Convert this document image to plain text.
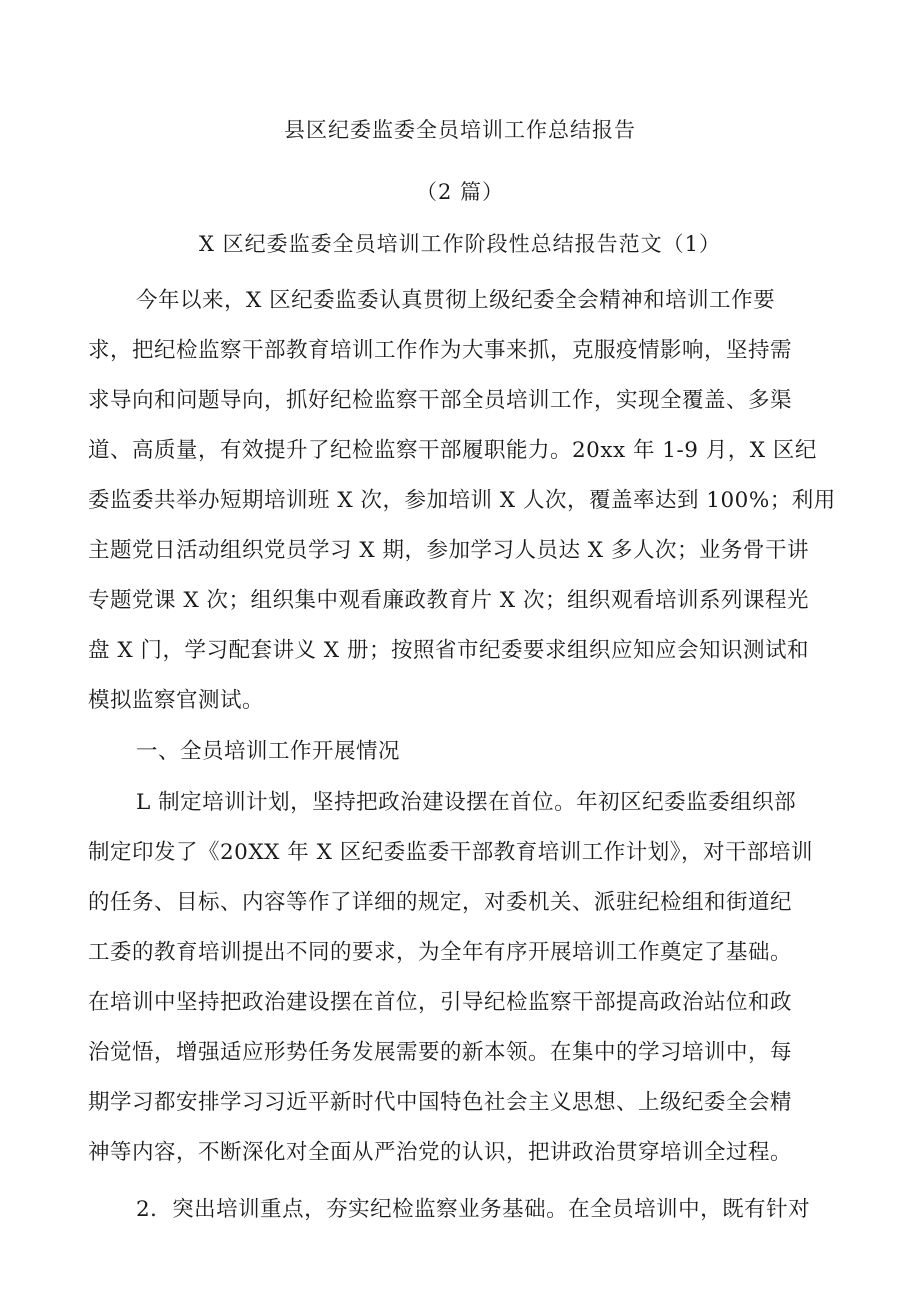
县区纪委监委全员培训工作总结报告
（2 篇）
X 区纪委监委全员培训工作阶段性总结报告范文（1）
今年以来，X 区纪委监委认真贯彻上级纪委全会精神和培训工作要
求，把纪检监察干部教育培训工作作为大事来抓，克服疫情影响，坚持需
求导向和问题导向，抓好纪检监察干部全员培训工作，实现全覆盖、多渠
道、高质量，有效提升了纪检监察干部履职能力。20xx 年 1-9 月，X 区纪
委监委共举办短期培训班 X 次，参加培训 X 人次，覆盖率达到 100%；利用
主题党日活动组织党员学习 X 期，参加学习人员达 X 多人次；业务骨干讲
专题党课 X 次；组织集中观看廉政教育片 X 次；组织观看培训系列课程光
盘 X 门，学习配套讲义 X 册；按照省市纪委要求组织应知应会知识测试和
模拟监察官测试。
一、全员培训工作开展情况
L 制定培训计划，坚持把政治建设摆在首位。年初区纪委监委组织部
制定印发了《20XX 年 X 区纪委监委干部教育培训工作计划》，对干部培训
的任务、目标、内容等作了详细的规定，对委机关、派驻纪检组和街道纪
工委的教育培训提出不同的要求，为全年有序开展培训工作奠定了基础。
在培训中坚持把政治建设摆在首位，引导纪检监察干部提高政治站位和政
治觉悟，增强适应形势任务发展需要的新本领。在集中的学习培训中，每
期学习都安排学习习近平新时代中国特色社会主义思想、上级纪委全会精
神等内容，不断深化对全面从严治党的认识，把讲政治贯穿培训全过程。
2．突出培训重点，夯实纪检监察业务基础。在全员培训中，既有针对
